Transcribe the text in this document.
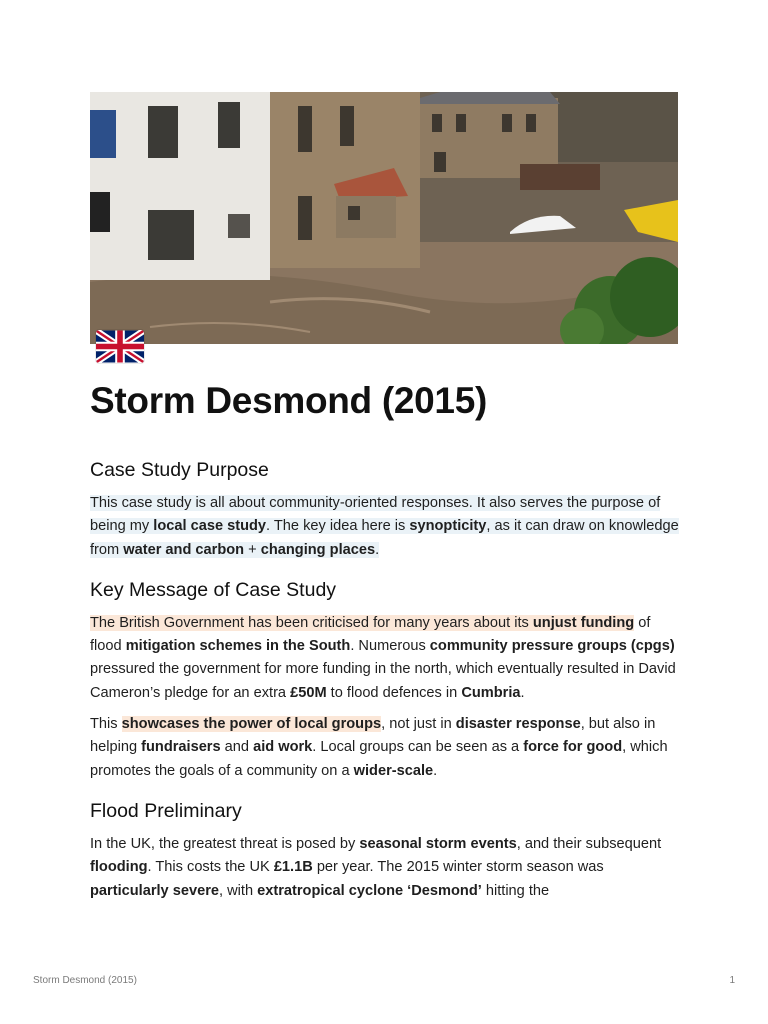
Storm Desmond (2015)
Case Study Purpose

This case study is all about community-oriented responses. It also serves the purpose of being my local case study. The key idea here is synopticity, as it can draw on knowledge from water and carbon + changing places.

Key Message of Case Study

The British Government has been criticised for many years about its unjust funding of flood mitigation schemes in the South. Numerous community pressure groups (cpgs) pressured the government for more funding in the north, which eventually resulted in David Cameron’s pledge for an extra £50M to flood defences in Cumbria.

This showcases the power of local groups, not just in disaster response, but also in helping fundraisers and aid work. Local groups can be seen as a force for good, which promotes the goals of a community on a wider-scale.

Flood Preliminary

In the UK, the greatest threat is posed by seasonal storm events, and their subsequent flooding. This costs the UK £1.1B per year. The 2015 winter storm season was particularly severe, with extratropical cyclone ‘Desmond’ hitting the

Storm Desmond (2015)	1
